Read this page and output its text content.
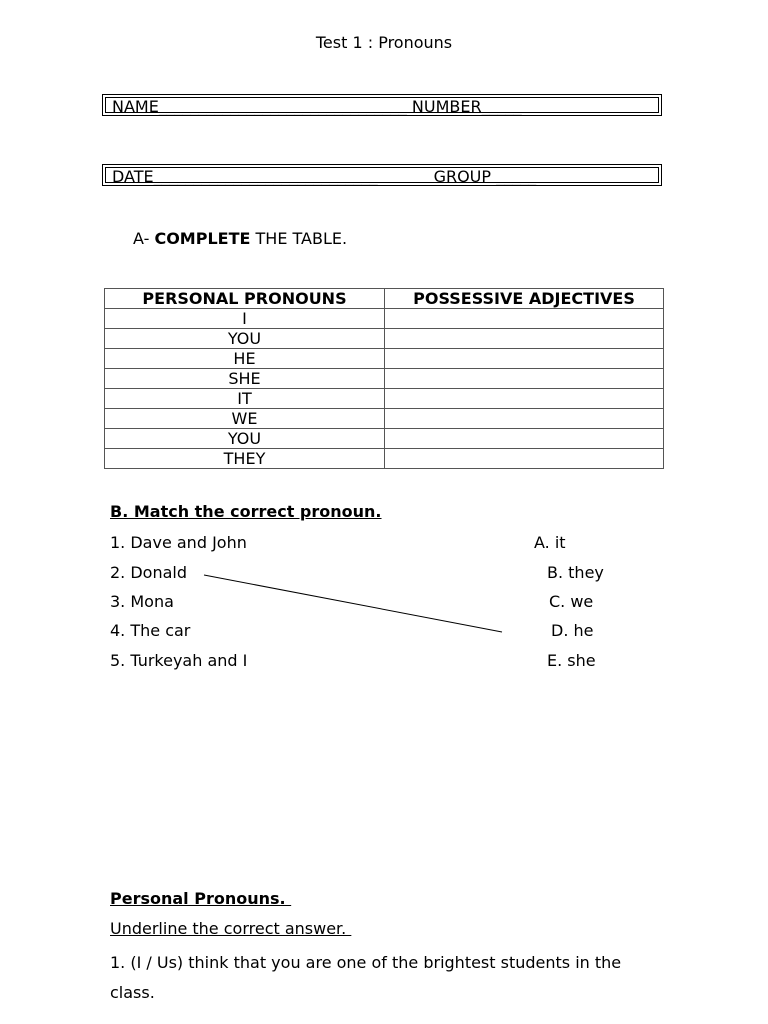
Test 1 : Pronouns
NAME_______________________________ NUMBER_____
DATE____________________________           GROUP _____
A- COMPLETE THE TABLE.
PERSONAL PRONOUNS	POSSESSIVE ADJECTIVES
I	
YOU	
HE	
SHE	
IT	
WE	
YOU	
THEY	
B. Match the correct pronoun.
1. Dave and John
2. Donald
3. Mona
4. The car
5. Turkeyah and I
A. it
B. they
C. we
D. he
E. she
Personal Pronouns.
Underline the correct answer.
1. (I / Us) think that you are one of the brightest students in the class.
